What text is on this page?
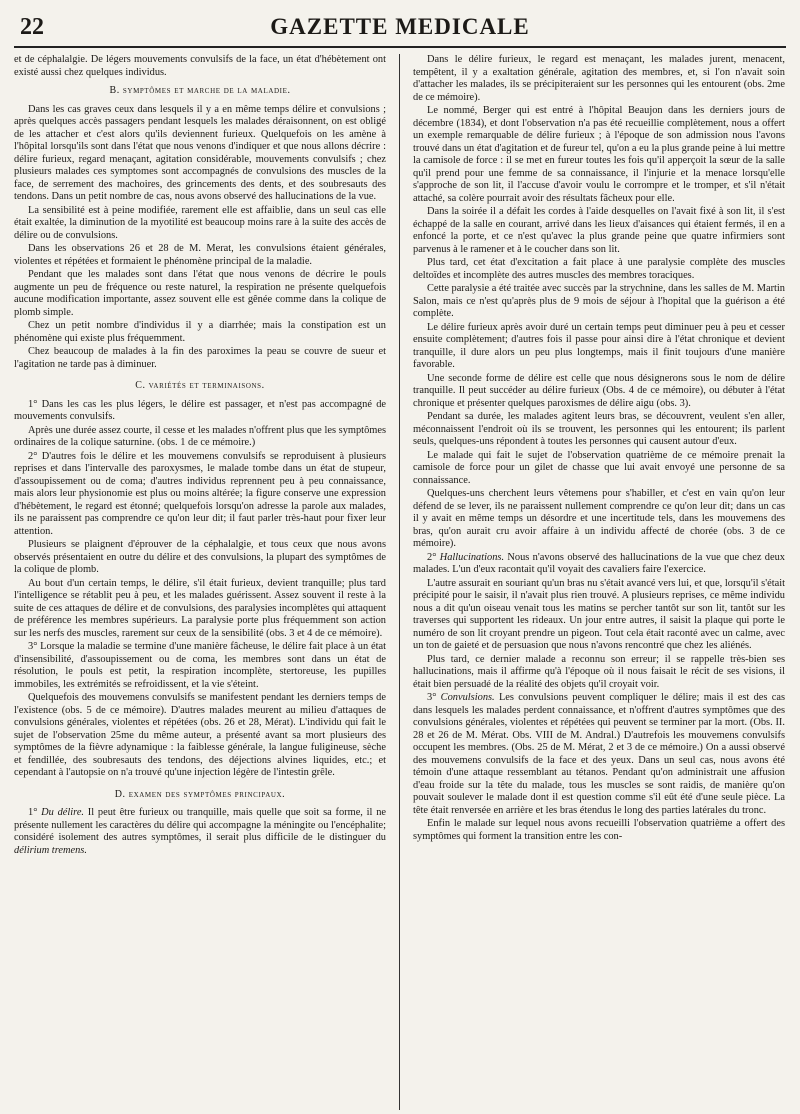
22	GAZETTE MEDICALE

et de céphalalgie. De légers mouvements convulsifs de la face, un état d'hébètement ont existé aussi chez quelques individus.

B. symptômes et marche de la maladie.

Dans les cas graves ceux dans lesquels il y a en même temps délire et convulsions ; après quelques accès passagers pendant lesquels les malades déraisonnent, on est obligé de les attacher et c'est alors qu'ils deviennent furieux. Quelquefois on les amène à l'hôpital lorsqu'ils sont dans l'état que nous venons d'indiquer et que nous allons décrire : délire furieux, regard menaçant, agitation considérable, mouvements convulsifs ; chez plusieurs malades ces symptomes sont accompagnés de convulsions des muscles de la face, de serrement des machoires, des grincements des dents, et des soubresauts des tendons. Dans un petit nombre de cas, nous avons observé des hallucinations de la vue.

La sensibilité est à peine modifiée, rarement elle est affaiblie, dans un seul cas elle était exaltée, la diminution de la myotilité est beaucoup moins rare à la suite des accès de délire ou de convulsions.

Dans les observations 26 et 28 de M. Merat, les convulsions étaient générales, violentes et répétées et formaient le phénomène principal de la maladie.

Pendant que les malades sont dans l'état que nous venons de décrire le pouls augmente un peu de fréquence ou reste naturel, la respiration ne présente quelquefois aucune modification importante, assez souvent elle est gênée comme dans la colique de plomb simple.

Chez un petit nombre d'individus il y a diarrhée; mais la constipation est un phénomène qui existe plus fréquemment.

Chez beaucoup de malades à la fin des paroximes la peau se couvre de sueur et l'agitation ne tarde pas à diminuer.

C. variétés et terminaisons.

1° Dans les cas les plus légers, le délire est passager, et n'est pas accompagné de mouvements convulsifs.

Après une durée assez courte, il cesse et les malades n'offrent plus que les symptômes ordinaires de la colique saturnine. (obs. 1 de ce mémoire.)

2° D'autres fois le délire et les mouvemens convulsifs se reproduisent à plusieurs reprises et dans l'intervalle des paroxysmes, le malade tombe dans un état de stupeur, d'assoupissement ou de coma; d'autres individus reprennent peu à peu connaissance, mais alors leur physionomie est plus ou moins altérée; la figure conserve une expression d'hébètement, le regard est étonné; quelquefois lorsqu'on adresse la parole aux malades, ils ne paraissent pas comprendre ce qu'on leur dit; il faut parler très-haut pour fixer leur attention.

Plusieurs se plaignent d'éprouver de la céphalalgie, et tous ceux que nous avons observés présentaient en outre du délire et des convulsions, la plupart des symptômes de la colique de plomb.

Au bout d'un certain temps, le délire, s'il était furieux, devient tranquille; plus tard l'intelligence se rétablit peu à peu, et les malades guérissent. Assez souvent il reste à la suite de ces attaques de délire et de convulsions, des paralysies incomplètes qui attaquent de préférence les membres supérieurs. La paralysie porte plus fréquemment son action sur les nerfs des muscles, rarement sur ceux de la sensibilité (obs. 3 et 4 de ce mémoire).

3° Lorsque la maladie se termine d'une manière fâcheuse, le délire fait place à un état d'insensibilité, d'assoupissement ou de coma, les membres sont dans un état de résolution, le pouls est petit, la respiration incomplète, stertoreuse, les pupilles immobiles, les extrémités se refroidissent, et la vie s'éteint.

Quelquefois des mouvemens convulsifs se manifestent pendant les derniers temps de l'existence (obs. 5 de ce mémoire). D'autres malades meurent au milieu d'attaques de convulsions générales, violentes et répétées (obs. 26 et 28, Mérat). L'individu qui fait le sujet de l'observation 25me du même auteur, a présenté avant sa mort plusieurs des symptômes de la fièvre adynamique : la faiblesse générale, la langue fuligineuse, sèche et fendillée, des soubresauts des tendons, des déjections alvines liquides, etc.; et cependant à l'autopsie on n'a trouvé qu'une injection légère de l'intestin grêle.

D. examen des symptômes principaux.

1° Du délire. Il peut être furieux ou tranquille, mais quelle que soit sa forme, il ne présente nullement les caractères du délire qui accompagne la méningite ou l'encéphalite; considéré isolement des autres symptômes, il serait plus difficile de le distinguer du délirium tremens.

Dans le délire furieux, le regard est menaçant, les malades jurent, menacent, tempêtent, il y a exaltation générale, agitation des membres, et, si l'on n'avait soin d'attacher les malades, ils se précipiteraient sur les personnes qui les entourent (obs. 2me de ce mémoire).

Le nommé, Berger qui est entré à l'hôpital Beaujon dans les derniers jours de décembre (1834), et dont l'observation n'a pas été recueillie complètement, nous a offert un exemple remarquable de délire furieux ; à l'époque de son admission nous l'avons trouvé dans un état d'agitation et de fureur tel, qu'on a eu la plus grande peine à lui mettre la camisole de force : il se met en fureur toutes les fois qu'il apperçoit la sœur de la salle qu'il prend pour une femme de sa connaissance, il l'injurie et la menace lorsqu'elle s'approche de son lit, il l'accuse d'avoir voulu le corrompre et le tromper, et s'il n'était attaché, sa colère pourrait avoir des résultats fâcheux pour elle.

Dans la soirée il a défait les cordes à l'aide desquelles on l'avait fixé à son lit, il s'est échappé de la salle en courant, arrivé dans les lieux d'aisances qui étaient fermés, il en a enfoncé la porte, et ce n'est qu'avec la plus grande peine que quatre infirmiers sont parvenus à le ramener et à le coucher dans son lit.

Plus tard, cet état d'excitation a fait place à une paralysie complète des muscles deltoïdes et incomplète des autres muscles des membres toraciques.

Cette paralysie a été traitée avec succès par la strychnine, dans les salles de M. Martin Salon, mais ce n'est qu'après plus de 9 mois de séjour à l'hopital que la guérison a été complète.

Le délire furieux après avoir duré un certain temps peut diminuer peu à peu et cesser ensuite complètement; d'autres fois il passe pour ainsi dire à l'état chronique et devient tranquille, il dure alors un peu plus longtemps, mais il finit toujours d'une manière favorable.

Une seconde forme de délire est celle que nous désignerons sous le nom de délire tranquille. Il peut succéder au délire furieux (Obs. 4 de ce mémoire), ou débuter à l'état chronique et présenter quelques paroxismes de délire aigu (obs. 3).

Pendant sa durée, les malades agitent leurs bras, se découvrent, veulent s'en aller, méconnaissent l'endroit où ils se trouvent, les personnes qui les entourent; ils parlent seuls, quelques-uns répondent à toutes les personnes qui causent autour d'eux.

Le malade qui fait le sujet de l'observation quatrième de ce mémoire prenait la camisole de force pour un gilet de chasse que lui avait envoyé une personne de sa connaissance.

Quelques-uns cherchent leurs vêtemens pour s'habiller, et c'est en vain qu'on leur défend de se lever, ils ne paraissent nullement comprendre ce qu'on leur dit; dans un cas il y avait en même temps un désordre et une incertitude tels, dans les mouvemens des bras, qu'on aurait cru avoir affaire à un individu affecté de chorée (obs. 3 de ce mémoire).

2° Hallucinations. Nous n'avons observé des hallucinations de la vue que chez deux malades. L'un d'eux racontait qu'il voyait des cavaliers faire l'exercice.

L'autre assurait en souriant qu'un bras nu s'était avancé vers lui, et que, lorsqu'il s'était précipité pour le saisir, il n'avait plus rien trouvé. A plusieurs reprises, ce même individu nous a dit qu'un oiseau venait tous les matins se percher tantôt sur son lit, tantôt sur les traverses qui supportent les rideaux. Un jour entre autres, il saisit la plaque qui porte le numéro de son lit croyant prendre un pigeon. Tout cela était raconté avec un calme, avec un ton de gaieté et de persuasion que nous n'avons rencontré que chez les aliénés.

Plus tard, ce dernier malade a reconnu son erreur; il se rappelle très-bien ses hallucinations, mais il affirme qu'à l'époque où il nous faisait le récit de ses visions, il était bien persuadé de la réalité des objets qu'il croyait voir.

3° Convulsions. Les convulsions peuvent compliquer le délire; mais il est des cas dans lesquels les malades perdent connaissance, et n'offrent d'autres symptômes que des convulsions générales, violentes et répétées qui peuvent se terminer par la mort. (Obs. II. 28 et 26 de M. Mérat. Obs. VIII de M. Andral.) D'autrefois les mouvemens convulsifs occupent les membres. (Obs. 25 de M. Mérat, 2 et 3 de ce mémoire.) On a aussi observé des mouvemens convulsifs de la face et des yeux. Dans un seul cas, nous avons été témoin d'une attaque ressemblant au tétanos. Pendant qu'on administrait une affusion d'eau froide sur la tête du malade, tous les muscles se sont raidis, de manière qu'on pouvait soulever le malade dont il est question comme s'il eût été d'une seule pièce. La tête était renversée en arrière et les bras étendus le long des parties latérales du tronc.

Enfin le malade sur lequel nous avons recueilli l'observation quatrième a offert des symptômes qui forment la transition entre les con-
